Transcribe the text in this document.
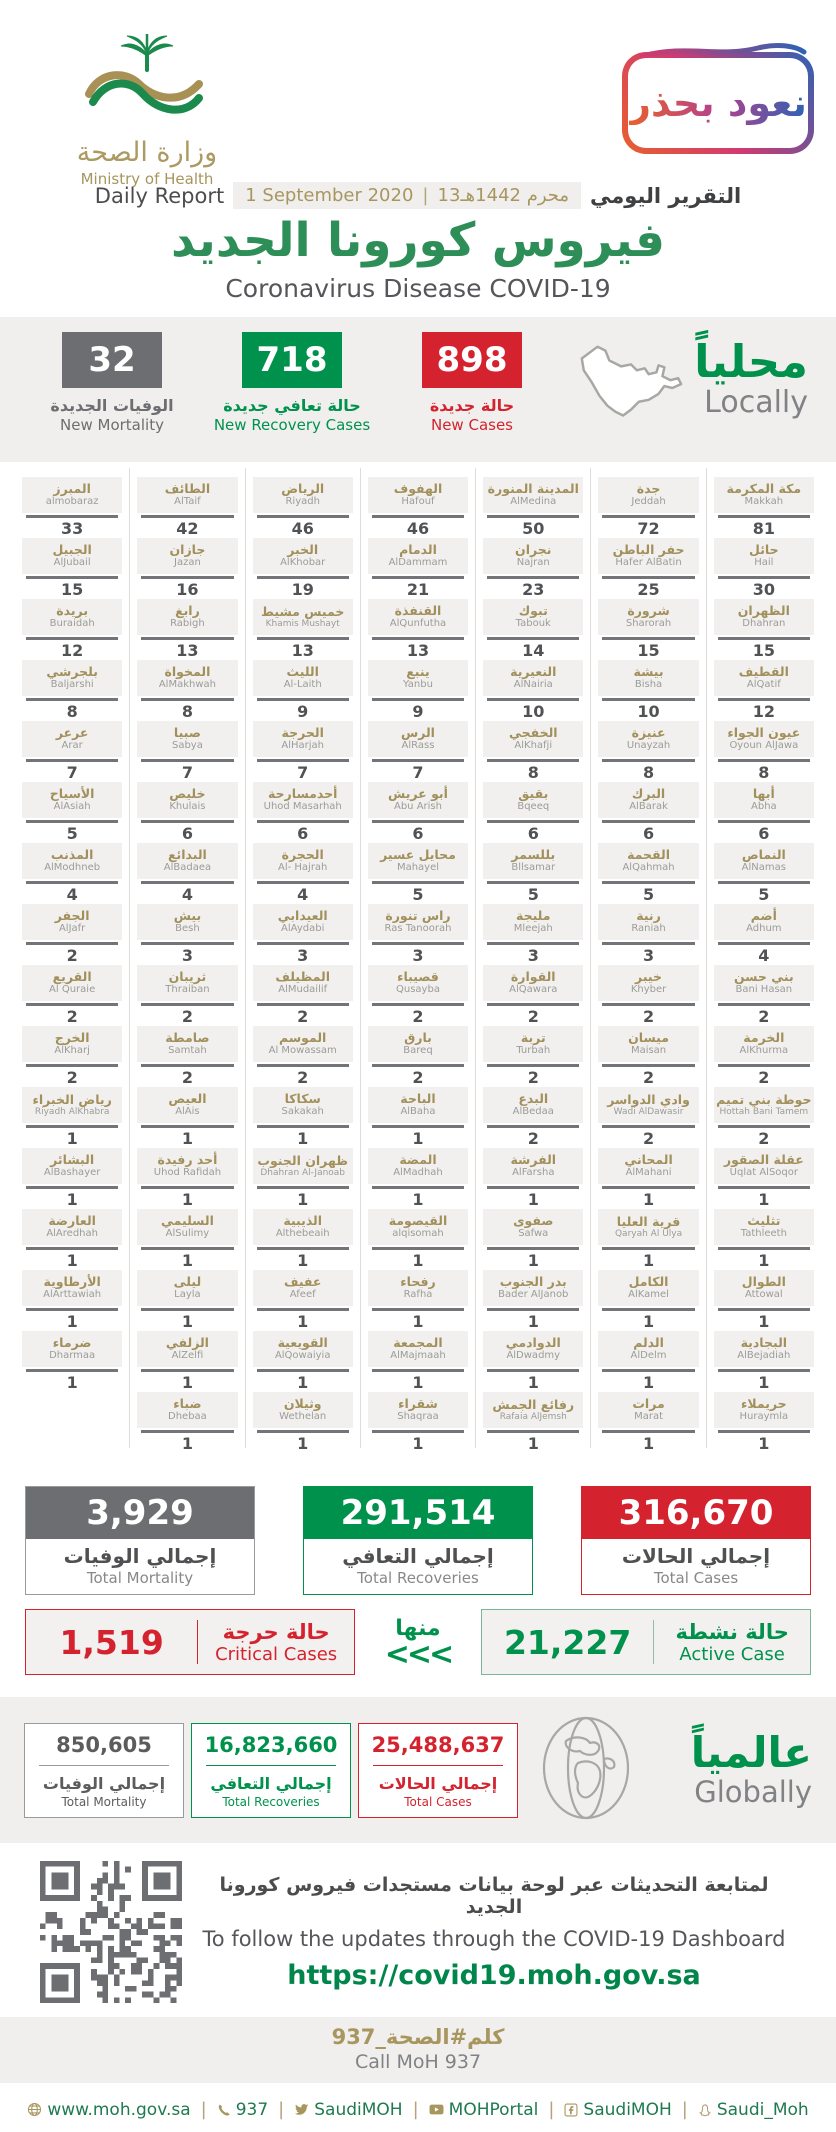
وزارة الصحة
Ministry of Health
نعود بحذر
Daily Report 1 September 2020 | 13محرم 1442هـ التقرير اليومي
فيروس كورونا الجديد
Coronavirus Disease COVID-19
32
الوفيات الجديدة
New Mortality
718
حالة تعافي جديدة
New Recovery Cases
898
حالة جديدة
New Cases
محلياً
Locally
المبرز
almobaraz
33
الجبيل
AlJubail
15
بريدة
Buraidah
12
بلجرشي
Baljarshi
8
عرعر
Arar
7
الأسياح
AlAsiah
5
المذنب
AlModhneb
4
الجفر
AlJafr
2
القريع
Al Quraie
2
الخرج
AlKharj
2
رياض الخبراء
Riyadh AlKhabra
1
البشائر
AlBashayer
1
العارضة
AlAredhah
1
الأرطاوية
AlArttawiah
1
ضرماء
Dharmaa
1
الطائف
AlTaif
42
جازان
Jazan
16
رابغ
Rabigh
13
المخواة
AlMakhwah
8
صبيا
Sabya
7
خليص
Khulais
6
البدائع
AlBadaea
4
بيش
Besh
3
ثريبان
Thraiban
2
صامطة
Samtah
2
العيص
AlAis
1
أحد رفيدة
Uhod Rafidah
1
السليمي
AlSulimy
1
ليلى
Layla
1
الزلفي
AlZelfi
1
ضباء
Dhebaa
1
الرياض
Riyadh
46
الخبر
AlKhobar
19
خميس مشيط
Khamis Mushayt
13
الليث
Al-Laith
9
الحرجة
AlHarjah
7
أحدمسارحة
Uhod Masarhah
6
الحجرة
Al- Hajrah
4
العيدابي
AlAydabi
3
المظيلف
AlMudailif
2
الموسم
Al Mowassam
2
سكاكا
Sakakah
1
ظهران الجنوب
Dhahran Al-Janoab
1
الذيبية
Althebeaih
1
عفيف
Afeef
1
القويعية
AlQowaiyia
1
وثيلان
Wethelan
1
الهفوف
Hafouf
46
الدمام
AlDammam
21
القنفذة
AlQunfutha
13
ينبع
Yanbu
9
الرس
AlRass
7
أبو عريش
Abu Arish
6
محايل عسير
Mahayel
5
راس تنورة
Ras Tanoorah
3
قصيباء
Qusayba
2
بارق
Bareq
2
الباحة
AlBaha
1
المضة
AlMadhah
1
القيصومة
alqisomah
1
رفحاء
Rafha
1
المجمعة
AlMajmaah
1
شقراء
Shaqraa
1
المدينة المنورة
AlMedina
50
نجران
Najran
23
تبوك
Tabouk
14
النعيرية
AlNairia
10
الخفجي
AlKhafji
8
بقيق
Bqeeq
6
بللسمر
Bllsamar
5
مليجة
Mleejah
3
القوارة
AlQawara
2
تربة
Turbah
2
البدع
AlBedaa
2
الفرشة
AlFarsha
1
صفوى
Safwa
1
بدر الجنوب
Bader AlJanob
1
الدوادمي
AlDwadmy
1
رفائع الجمش
Rafaia AlJemsh
1
جدة
Jeddah
72
حفر الباطن
Hafer AlBatin
25
شرورة
Sharorah
15
بيشة
Bisha
10
عنيزة
Unayzah
8
البرك
AlBarak
6
القحمة
AlQahmah
5
رنية
Raniah
3
خيبر
Khyber
2
ميسان
Maisan
2
وادي الدواسر
Wadi AlDawasir
2
المحاني
AlMahani
1
قرية العليا
Qaryah Al Ulya
1
الكامل
AlKamel
1
الدلم
AlDelm
1
مرات
Marat
1
مكة المكرمة
Makkah
81
حائل
Hail
30
الظهران
Dhahran
15
القطيف
AlQatif
12
عيون الجواء
Oyoun AlJawa
8
أبها
Abha
6
النماص
AlNamas
5
أضم
Adhum
4
بني حسن
Bani Hasan
2
الخرمة
AlKhurma
2
حوطة بني تميم
Hottah Bani Tamem
2
عقلة الصقور
Uqlat AlSoqor
1
تثليث
Tathleeth
1
الطوال
Attowal
1
البجادية
AlBejadiah
1
حريملاء
Huraymla
1
3,929
إجمالي الوفيات
Total Mortality
291,514
إجمالي التعافي
Total Recoveries
316,670
إجمالي الحالات
Total Cases
1,519	حالة حرجة
Critical Cases
منها
<<<	21,227	حالة نشطة
Active Case
850,605
إجمالي الوفيات
Total Mortality
16,823,660
إجمالي التعافي
Total Recoveries
25,488,637
إجمالي الحالات
Total Cases
عالمياً
Globally
لمتابعة التحديثات عبر لوحة بيانات مستجدات فيروس كورونا الجديد
To follow the updates through the COVID-19 Dashboard
https://covid19.moh.gov.sa
كلم#الصحة_937
Call MoH 937
www.moh.gov.sa | 937 | SaudiMOH | MOHPortal | SaudiMOH | Saudi_Moh
